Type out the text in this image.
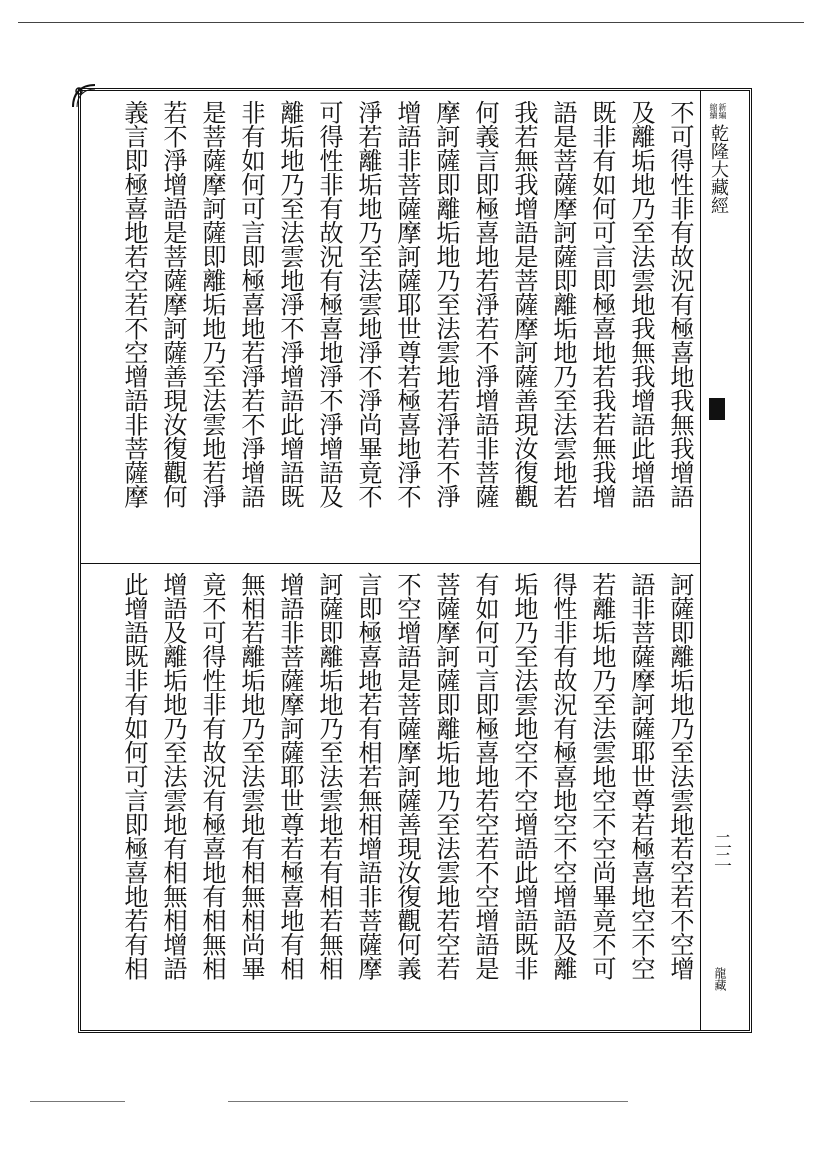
新編
縮續
乾隆大藏經
二二
龍藏
不可得性非有故況有極喜地我無我增語
及離垢地乃至法雲地我無我增語此增語
既非有如何可言即極喜地若我若無我增
語是菩薩摩訶薩即離垢地乃至法雲地若
我若無我增語是菩薩摩訶薩善現汝復觀
何義言即極喜地若淨若不淨增語非菩薩
摩訶薩即離垢地乃至法雲地若淨若不淨
增語非菩薩摩訶薩耶世尊若極喜地淨不
淨若離垢地乃至法雲地淨不淨尚畢竟不
可得性非有故況有極喜地淨不淨增語及
離垢地乃至法雲地淨不淨增語此增語既
非有如何可言即極喜地若淨若不淨增語
是菩薩摩訶薩即離垢地乃至法雲地若淨
若不淨增語是菩薩摩訶薩善現汝復觀何
義言即極喜地若空若不空增語非菩薩摩
訶薩即離垢地乃至法雲地若空若不空增
語非菩薩摩訶薩耶世尊若極喜地空不空
若離垢地乃至法雲地空不空尚畢竟不可
得性非有故況有極喜地空不空增語及離
垢地乃至法雲地空不空增語此增語既非
有如何可言即極喜地若空若不空增語是
菩薩摩訶薩即離垢地乃至法雲地若空若
不空增語是菩薩摩訶薩善現汝復觀何義
言即極喜地若有相若無相增語非菩薩摩
訶薩即離垢地乃至法雲地若有相若無相
增語非菩薩摩訶薩耶世尊若極喜地有相
無相若離垢地乃至法雲地有相無相尚畢
竟不可得性非有故況有極喜地有相無相
增語及離垢地乃至法雲地有相無相增語
此增語既非有如何可言即極喜地若有相
